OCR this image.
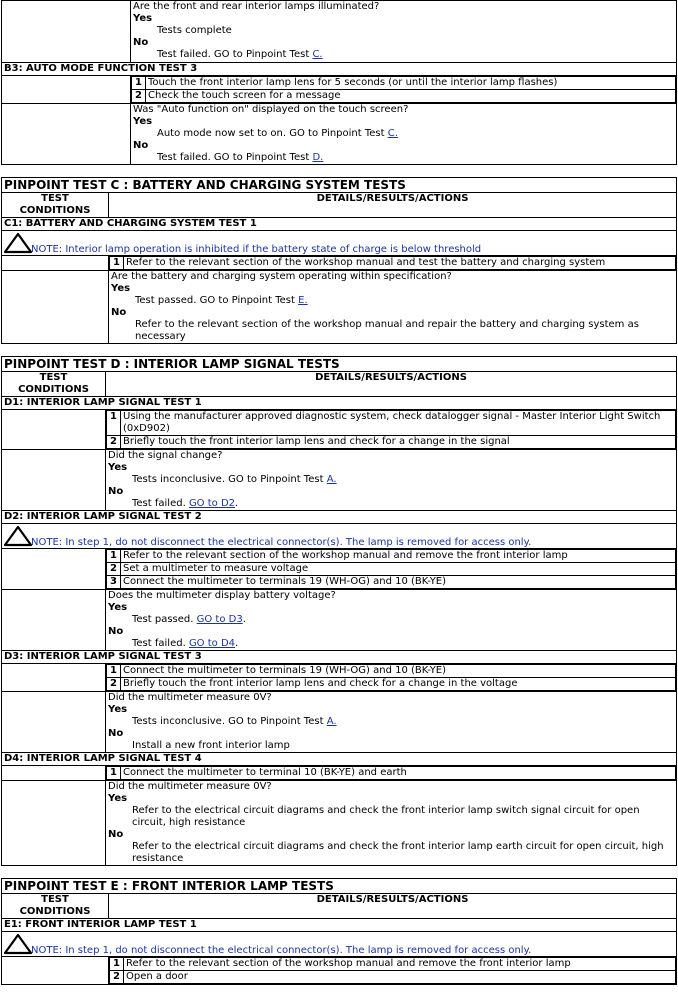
	Are the front and rear interior lamps illuminated?
Yes
Tests complete
No
Test failed. GO to Pinpoint Test C.

B3: AUTO MODE FUNCTION TEST 3

1	Touch the front interior lamp lens for 5 seconds (or until the interior lamp flashes)
2	Check the touch screen for a message

	Was "Auto function on" displayed on the touch screen?
Yes
Auto mode now set to on. GO to Pinpoint Test C.
No
Test failed. GO to Pinpoint Test D.
PINPOINT TEST C : BATTERY AND CHARGING SYSTEM TESTS
TEST
CONDITIONS	DETAILS/RESULTS/ACTIONS
C1: BATTERY AND CHARGING SYSTEM TEST 1

NOTE: Interior lamp operation is inhibited if the battery state of charge is below threshold

1	Refer to the relevant section of the workshop manual and test the battery and charging system

	Are the battery and charging system operating within specification?
Yes
Test passed. GO to Pinpoint Test E.
No
Refer to the relevant section of the workshop manual and repair the battery and charging system as necessary
PINPOINT TEST D : INTERIOR LAMP SIGNAL TESTS
TEST
CONDITIONS	DETAILS/RESULTS/ACTIONS
D1: INTERIOR LAMP SIGNAL TEST 1

1	Using the manufacturer approved diagnostic system, check datalogger signal - Master Interior Light Switch (0xD902)
2	Briefly touch the front interior lamp lens and check for a change in the signal

	Did the signal change?
Yes
Tests inconclusive. GO to Pinpoint Test A.
No
Test failed. GO to D2.

D2: INTERIOR LAMP SIGNAL TEST 2

NOTE: In step 1, do not disconnect the electrical connector(s). The lamp is removed for access only.

1	Refer to the relevant section of the workshop manual and remove the front interior lamp
2	Set a multimeter to measure voltage
3	Connect the multimeter to terminals 19 (WH-OG) and 10 (BK-YE)

	Does the multimeter display battery voltage?
Yes
Test passed. GO to D3.
No
Test failed. GO to D4.

D3: INTERIOR LAMP SIGNAL TEST 3

1	Connect the multimeter to terminals 19 (WH-OG) and 10 (BK-YE)
2	Briefly touch the front interior lamp lens and check for a change in the voltage

	Did the multimeter measure 0V?
Yes
Tests inconclusive. GO to Pinpoint Test A.
No
Install a new front interior lamp

D4: INTERIOR LAMP SIGNAL TEST 4

1	Connect the multimeter to terminal 10 (BK-YE) and earth

	Did the multimeter measure 0V?
Yes
Refer to the electrical circuit diagrams and check the front interior lamp switch signal circuit for open circuit, high resistance
No
Refer to the electrical circuit diagrams and check the front interior lamp earth circuit for open circuit, high resistance
PINPOINT TEST E : FRONT INTERIOR LAMP TESTS
TEST
CONDITIONS	DETAILS/RESULTS/ACTIONS
E1: FRONT INTERIOR LAMP TEST 1

NOTE: In step 1, do not disconnect the electrical connector(s). The lamp is removed for access only.

1	Refer to the relevant section of the workshop manual and remove the front interior lamp
2	Open a door
